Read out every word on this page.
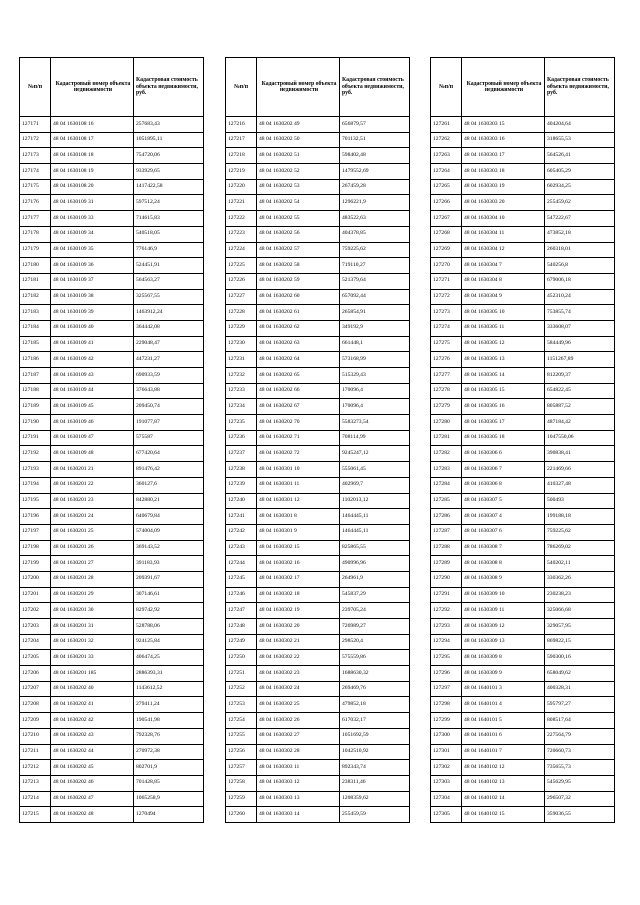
№п/п	Кадастровый номер объекта недвижимости	Кадастровая стоимость объекта недвижимости, руб.
127171	48 04 1630108 16	257683,43
127172	48 04 1630108 17	1051895,11
127173	48 04 1630108 18	754720,06
127174	48 04 1630108 19	933929,65
127175	48 04 1630108 20	1417422,58
127176	48 04 1630109 31	597512,24
127177	48 04 1630109 33	714615,83
127178	48 04 1630109 34	540518,05
127179	48 04 1630109 35	776146,9
127180	48 04 1630109 36	524451,91
127181	48 04 1630109 37	564563,27
127182	48 04 1630109 38	325567,55
127183	48 04 1630109 39	1463912,24
127184	48 04 1630109 40	364442,08
127185	48 04 1630109 41	229048,47
127186	48 04 1630109 42	447231,27
127187	48 04 1630109 43	690933,59
127188	48 04 1630109 44	376643,88
127189	48 04 1630109 45	209450,74
127190	48 04 1630109 46	191077,87
127191	48 04 1630109 47	575587
127192	48 04 1630109 48	677420,64
127193	48 04 1630201 21	891476,42
127194	48 04 1630201 22	360127,6
127195	48 04 1630201 23	842880,21
127196	48 04 1630201 24	640679,84
127197	48 04 1630201 25	574004,09
127198	48 04 1630201 26	369143,52
127199	48 04 1630201 27	391183,93
127200	48 04 1630201 28	209391,67
127201	48 04 1630201 29	307146,61
127202	48 04 1630201 30	829742,92
127203	48 04 1630201 31	528788,06
127204	48 04 1630201 32	924125,84
127205	48 04 1630201 33	406474,25
127206	48 04 1630201 185	2886393,31
127207	48 04 1630202 40	1143612,52
127208	48 04 1630202 41	279411,24
127209	48 04 1630202 42	190541,98
127210	48 04 1630202 43	792328,76
127211	48 04 1630202 44	270972,38
127212	48 04 1630202 45	802701,9
127213	48 04 1630202 46	701428,85
127214	48 04 1630202 47	1065258,9
127215	48 04 1630202 48	1270494
№п/п	Кадастровый номер объекта недвижимости	Кадастровая стоимость объекта недвижимости, руб.
127216	48 04 1630202 49	656879,57
127217	48 04 1630202 50	701132,51
127218	48 04 1630202 51	598402,48
127219	48 04 1630202 52	1479552,69
127220	48 04 1630202 53	267459,28
127221	48 04 1630202 54	1296221,9
127222	48 04 1630202 55	483522,63
127223	48 04 1630202 56	404378,85
127224	48 04 1630202 57	759225,62
127225	48 04 1630202 58	719110,27
127226	48 04 1630202 59	521379,64
127227	48 04 1630202 60	657092,44
127228	48 04 1630202 61	265854,91
127229	48 04 1630202 62	349192,9
127230	48 04 1630202 63	661448,1
127231	48 04 1630202 64	573168,99
127232	48 04 1630202 65	515329,43
127233	48 04 1630202 66	170096,4
127234	48 04 1630202 67	170096,4
127235	48 04 1630202 70	5583273,54
127236	48 04 1630202 71	708114,99
127237	48 04 1630202 72	9245247,12
127238	48 04 1630301 10	555061,45
127239	48 04 1630301 11	402969,7
127240	48 04 1630301 12	1102013,12
127241	48 04 1630301 8	1464445,11
127242	48 04 1630301 9	1464445,11
127243	48 04 1630302 15	825865,55
127244	48 04 1630302 16	490996,96
127245	48 04 1630302 17	264961,9
127246	48 04 1630302 18	545837,29
127247	48 04 1630302 19	239705,24
127248	48 04 1630302 20	726989,27
127249	48 04 1630302 21	298520,4
127250	48 04 1630302 22	575559,86
127251	48 04 1630302 23	1688630,32
127252	48 04 1630302 24	269469,76
127253	48 04 1630302 25	479852,18
127254	48 04 1630302 26	617032,17
127255	48 04 1630302 27	1051692,59
127256	48 04 1630302 28	1042510,92
127257	48 04 1630303 11	892343,74
127258	48 04 1630303 12	238311,46
127259	48 04 1630303 13	1208359,62
127260	48 04 1630303 14	255459,59
№п/п	Кадастровый номер объекта недвижимости	Кадастровая стоимость объекта недвижимости, руб.
127261	48 04 1630303 15	404204,64
127262	48 04 1630303 16	318655,53
127263	48 04 1630303 17	564526,41
127264	48 04 1630303 18	605405,29
127265	48 04 1630303 19	602934,25
127266	48 04 1630303 20	255459,62
127267	48 04 1630304 10	547222,67
127268	48 04 1630304 11	473852,18
127269	48 04 1630304 12	260318,01
127270	48 04 1630304 7	540256,8
127271	48 04 1630304 8	679006,18
127272	48 04 1630304 9	452310,24
127273	48 04 1630305 10	753855,74
127274	48 04 1630305 11	333608,07
127275	48 04 1630305 12	584449,96
127276	48 04 1630305 13	1151267,89
127277	48 04 1630305 14	812209,37
127278	48 04 1630305 15	654822,45
127279	48 04 1630305 16	805887,52
127280	48 04 1630305 17	487184,42
127281	48 04 1630305 18	1047550,06
127282	48 04 1630306 6	390838,41
127283	48 04 1630306 7	221469,66
127284	48 04 1630306 8	410327,48
127285	48 04 1630307 5	500493
127286	48 04 1630307 4	199188,18
127287	48 04 1630307 6	759225,62
127288	48 04 1630308 7	786269,02
127289	48 04 1630308 8	540202,11
127290	48 04 1630308 9	330362,26
127291	48 04 1630309 10	230238,23
127292	48 04 1630309 11	325066,68
127293	48 04 1630309 12	329057,95
127294	48 04 1630309 13	869822,15
127295	48 04 1630309 8	590300,16
127296	48 04 1630309 9	658049,62
127297	48 04 1640101 3	400328,31
127298	48 04 1640101 4	595797,27
127299	48 04 1640101 5	808517,64
127300	48 04 1640101 6	227564,79
127301	48 04 1640101 7	720660,73
127302	48 04 1640102 12	735655,73
127303	48 04 1640102 13	545629,95
127304	48 04 1640102 14	296507,32
127305	48 04 1640102 15	359036,55
